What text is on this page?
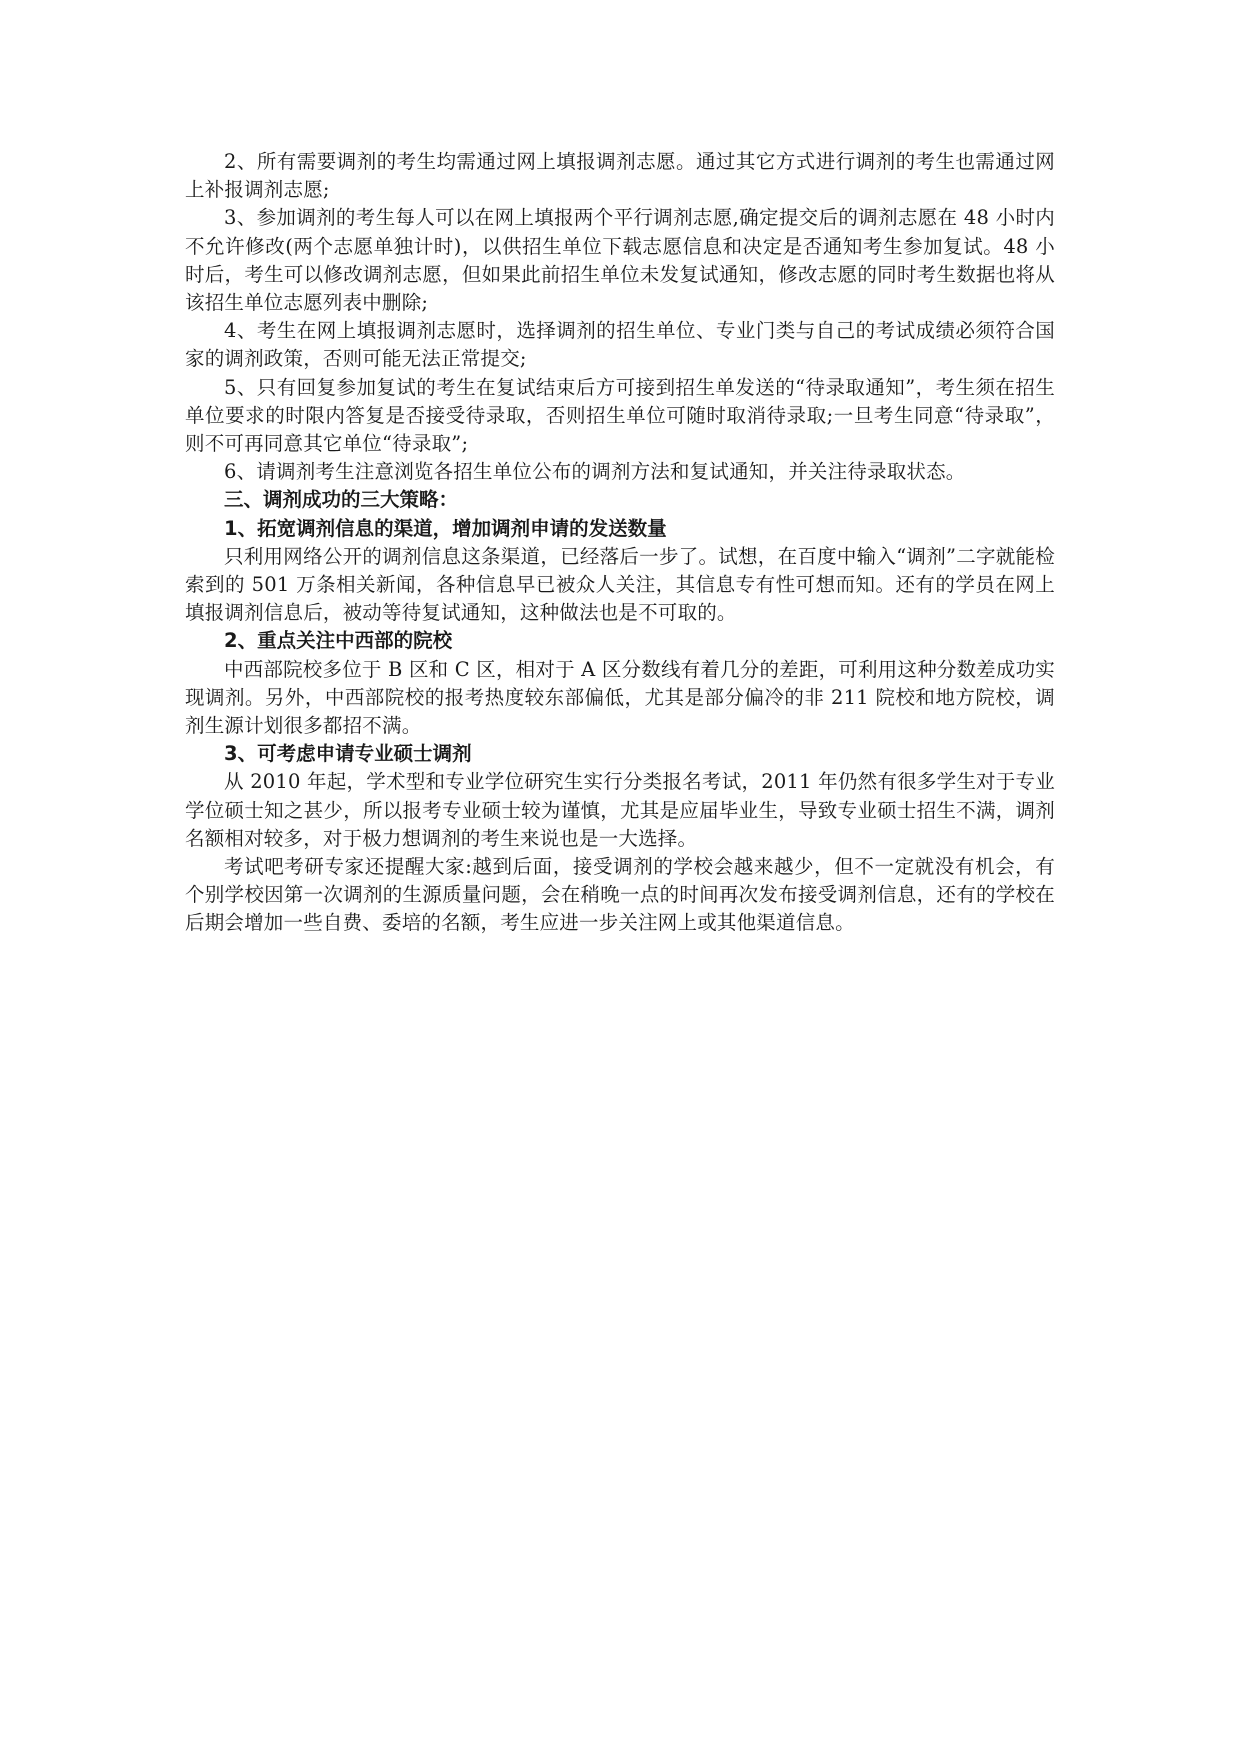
2、所有需要调剂的考生均需通过网上填报调剂志愿。通过其它方式进行调剂的考生也需通过网上补报调剂志愿;

3、参加调剂的考生每人可以在网上填报两个平行调剂志愿,确定提交后的调剂志愿在 48 小时内不允许修改(两个志愿单独计时)，以供招生单位下载志愿信息和决定是否通知考生参加复试。48 小时后，考生可以修改调剂志愿，但如果此前招生单位未发复试通知，修改志愿的同时考生数据也将从该招生单位志愿列表中删除;

4、考生在网上填报调剂志愿时，选择调剂的招生单位、专业门类与自己的考试成绩必须符合国家的调剂政策，否则可能无法正常提交;

5、只有回复参加复试的考生在复试结束后方可接到招生单发送的“待录取通知”，考生须在招生单位要求的时限内答复是否接受待录取，否则招生单位可随时取消待录取;一旦考生同意“待录取”，则不可再同意其它单位“待录取”;

6、请调剂考生注意浏览各招生单位公布的调剂方法和复试通知，并关注待录取状态。

三、调剂成功的三大策略：

1、拓宽调剂信息的渠道，增加调剂申请的发送数量

只利用网络公开的调剂信息这条渠道，已经落后一步了。试想，在百度中输入“调剂”二字就能检索到的 501 万条相关新闻，各种信息早已被众人关注，其信息专有性可想而知。还有的学员在网上填报调剂信息后，被动等待复试通知，这种做法也是不可取的。

2、重点关注中西部的院校

中西部院校多位于 B 区和 C 区，相对于 A 区分数线有着几分的差距，可利用这种分数差成功实现调剂。另外，中西部院校的报考热度较东部偏低，尤其是部分偏冷的非 211 院校和地方院校，调剂生源计划很多都招不满。

3、可考虑申请专业硕士调剂

从 2010 年起，学术型和专业学位研究生实行分类报名考试，2011 年仍然有很多学生对于专业学位硕士知之甚少，所以报考专业硕士较为谨慎，尤其是应届毕业生，导致专业硕士招生不满，调剂名额相对较多，对于极力想调剂的考生来说也是一大选择。

考试吧考研专家还提醒大家:越到后面，接受调剂的学校会越来越少，但不一定就没有机会，有个别学校因第一次调剂的生源质量问题，会在稍晚一点的时间再次发布接受调剂信息，还有的学校在后期会增加一些自费、委培的名额，考生应进一步关注网上或其他渠道信息。
